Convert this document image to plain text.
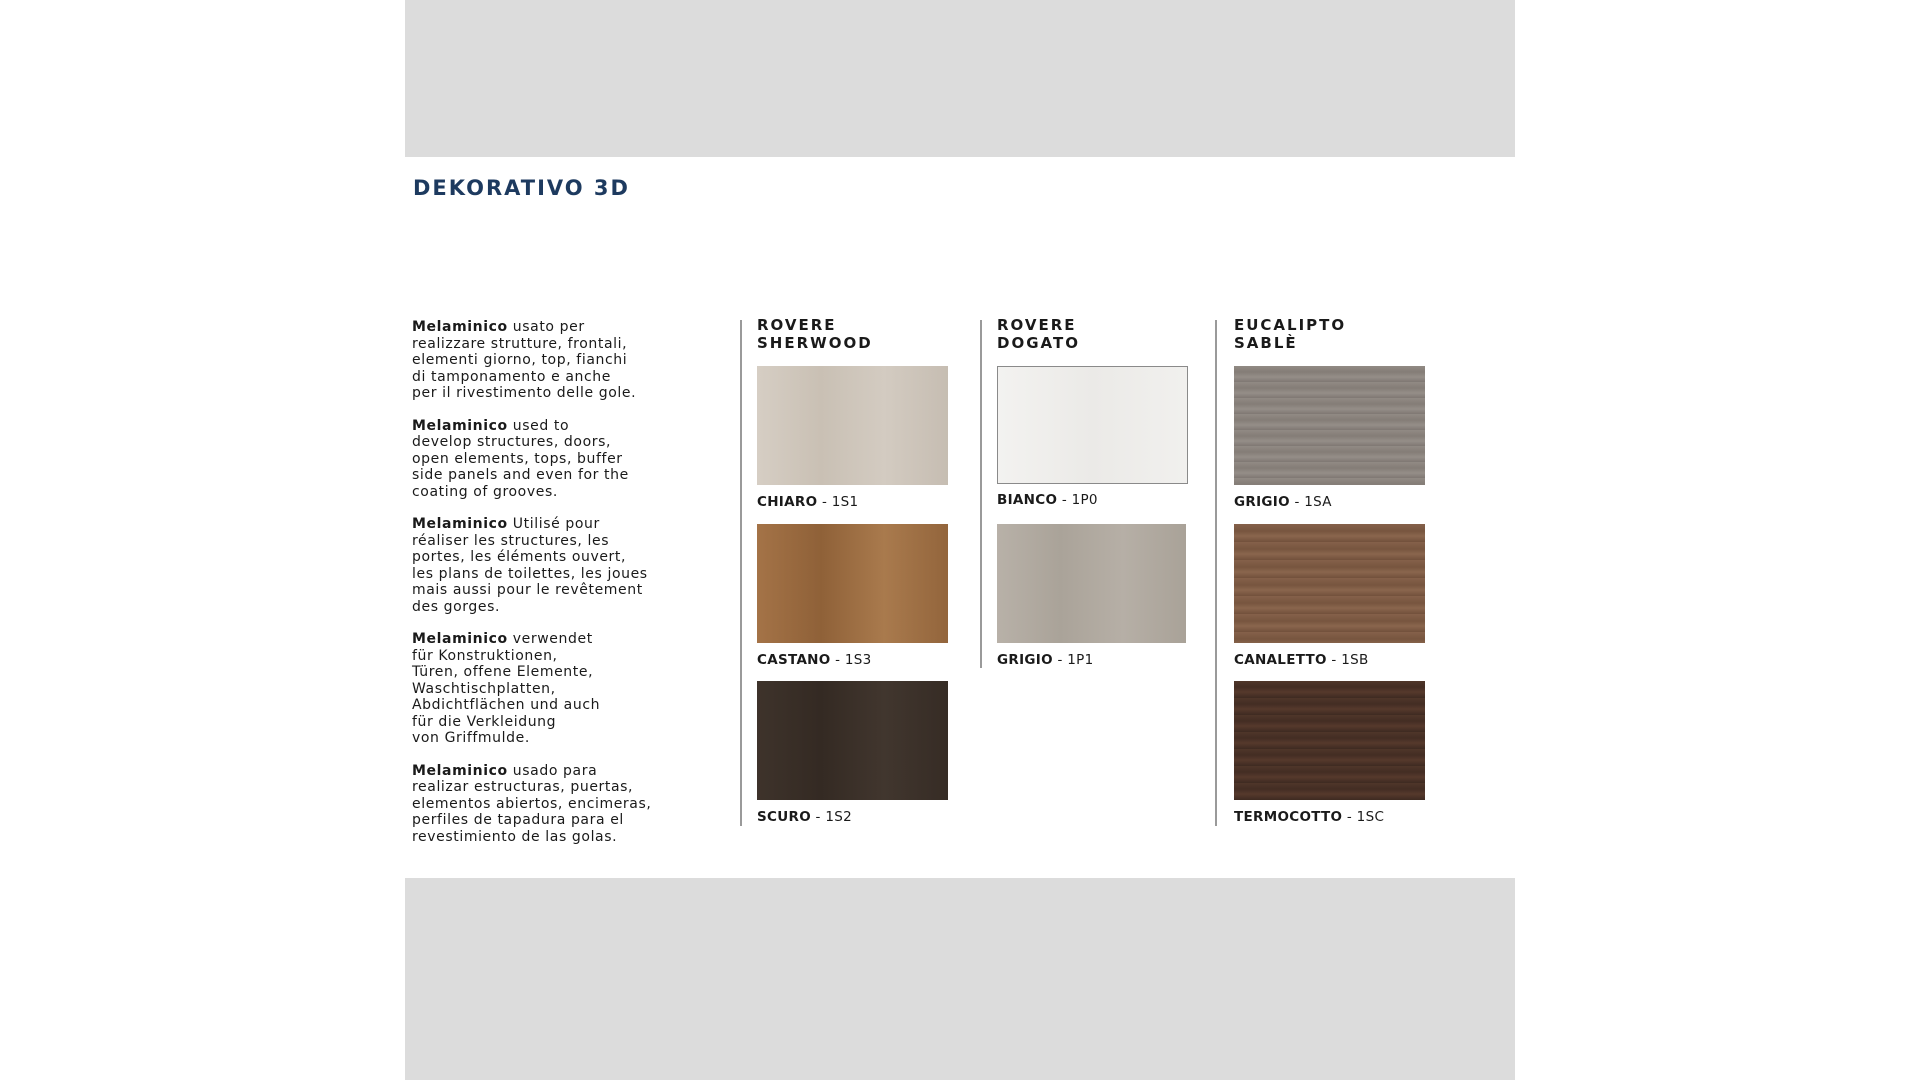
DEKORATIVO 3D

Melaminico usato per
realizzare strutture, frontali,
elementi giorno, top, fianchi
di tamponamento e anche
per il rivestimento delle gole.

Melaminico used to
develop structures, doors,
open elements, tops, buffer
side panels and even for the
coating of grooves.

Melaminico Utilisé pour
réaliser les structures, les
portes, les éléments ouvert,
les plans de toilettes, les joues
mais aussi pour le revêtement
des gorges.

Melaminico verwendet
für Konstruktionen,
Türen, offene Elemente,
Waschtischplatten,
Abdichtflächen und auch
für die Verkleidung
von Griffmulde.

Melaminico usado para
realizar estructuras, puertas,
elementos abiertos, encimeras,
perfiles de tapadura para el
revestimiento de las golas.

ROVERE
SHERWOOD
CHIARO - 1S1
CASTANO - 1S3
SCURO - 1S2
ROVERE
DOGATO
BIANCO - 1P0
GRIGIO - 1P1
EUCALIPTO
SABLÈ
GRIGIO - 1SA
CANALETTO - 1SB
TERMOCOTTO - 1SC
